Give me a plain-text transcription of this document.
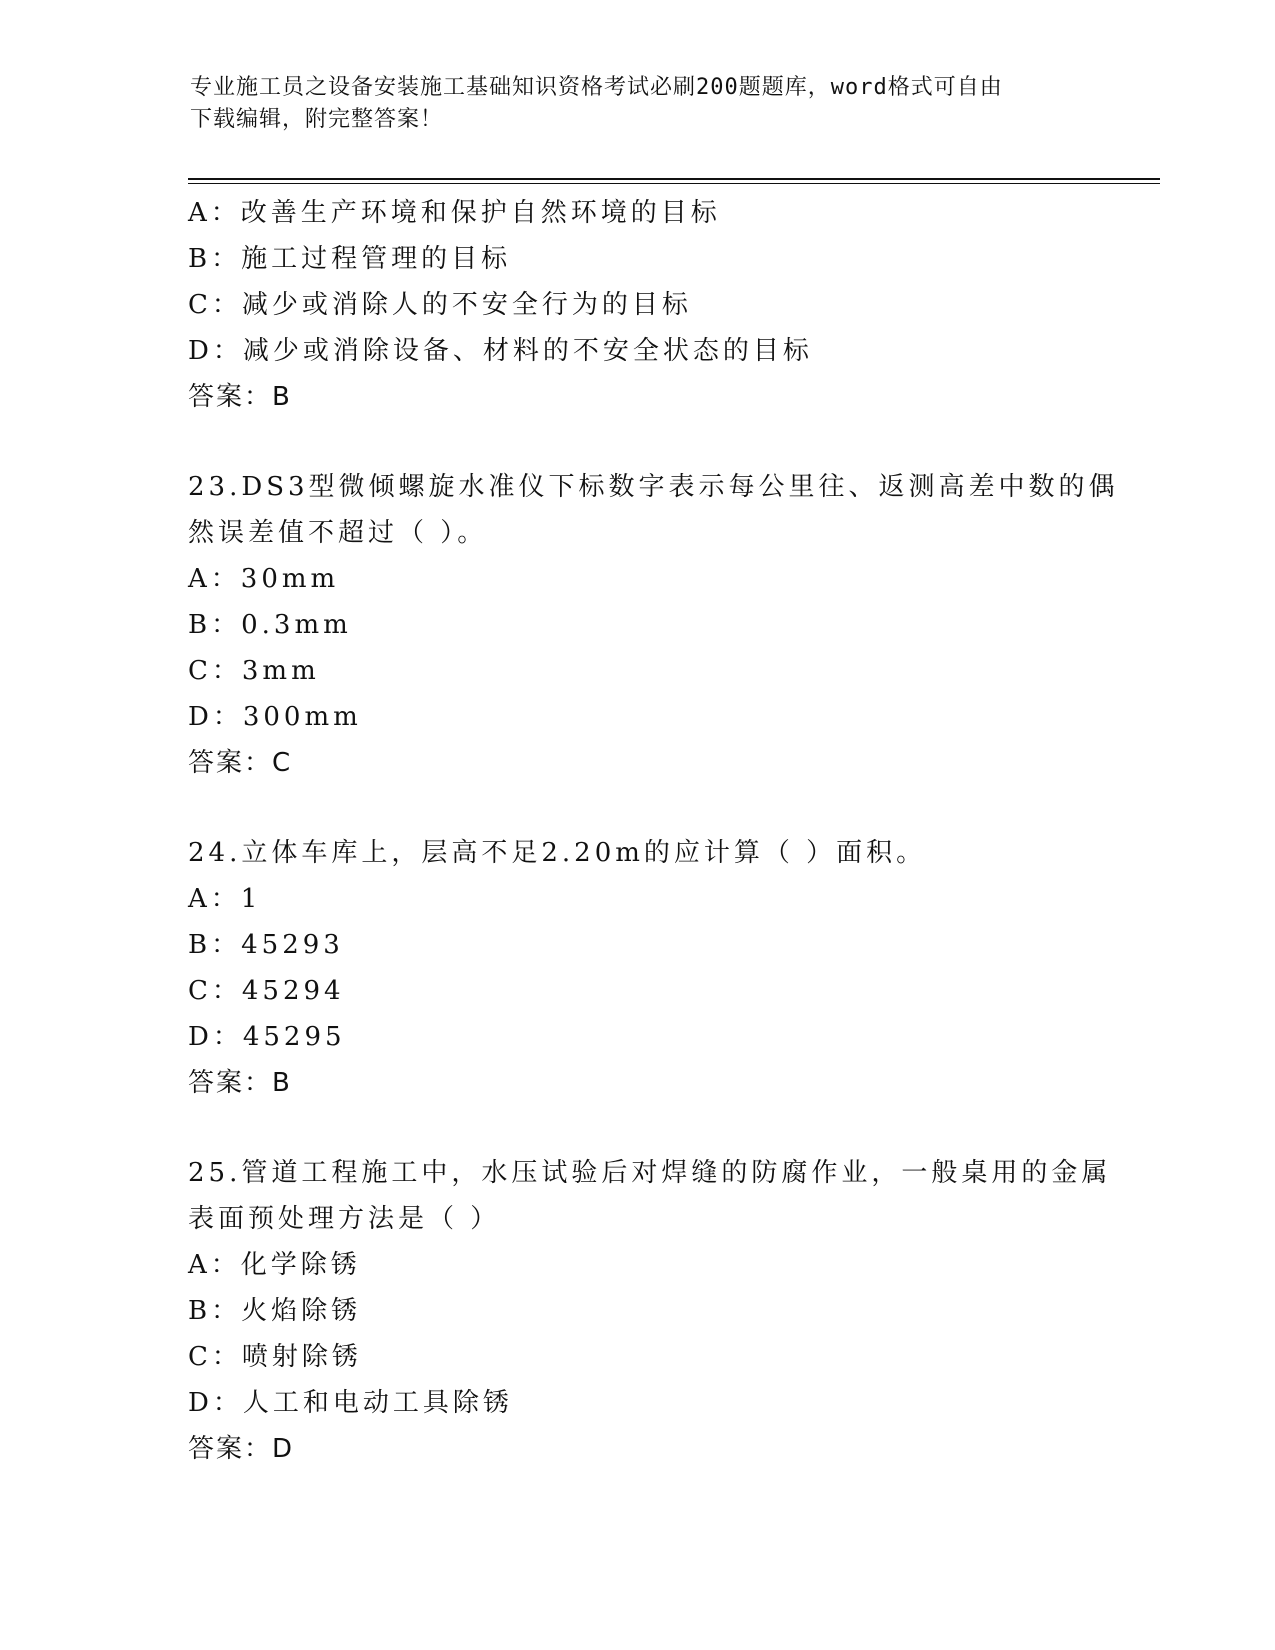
专业施工员之设备安装施工基础知识资格考试必刷200题题库，word格式可自由
下载编辑，附完整答案！
A：改善生产环境和保护自然环境的目标
B：施工过程管理的目标
C：减少或消除人的不安全行为的目标
D：减少或消除设备、材料的不安全状态的目标
答案：B
23.DS3型微倾螺旋水准仪下标数字表示每公里往、返测高差中数的偶
然误差值不超过（ ）。
A：30mm
B：0.3mm
C：3mm
D：300mm
答案：C
24.立体车库上，层高不足2.20m的应计算（ ）面积。
A：1
B：45293
C：45294
D：45295
答案：B
25.管道工程施工中，水压试验后对焊缝的防腐作业，一般桌用的金属
表面预处理方法是（ ）
A：化学除锈
B：火焰除锈
C：喷射除锈
D：人工和电动工具除锈
答案：D
